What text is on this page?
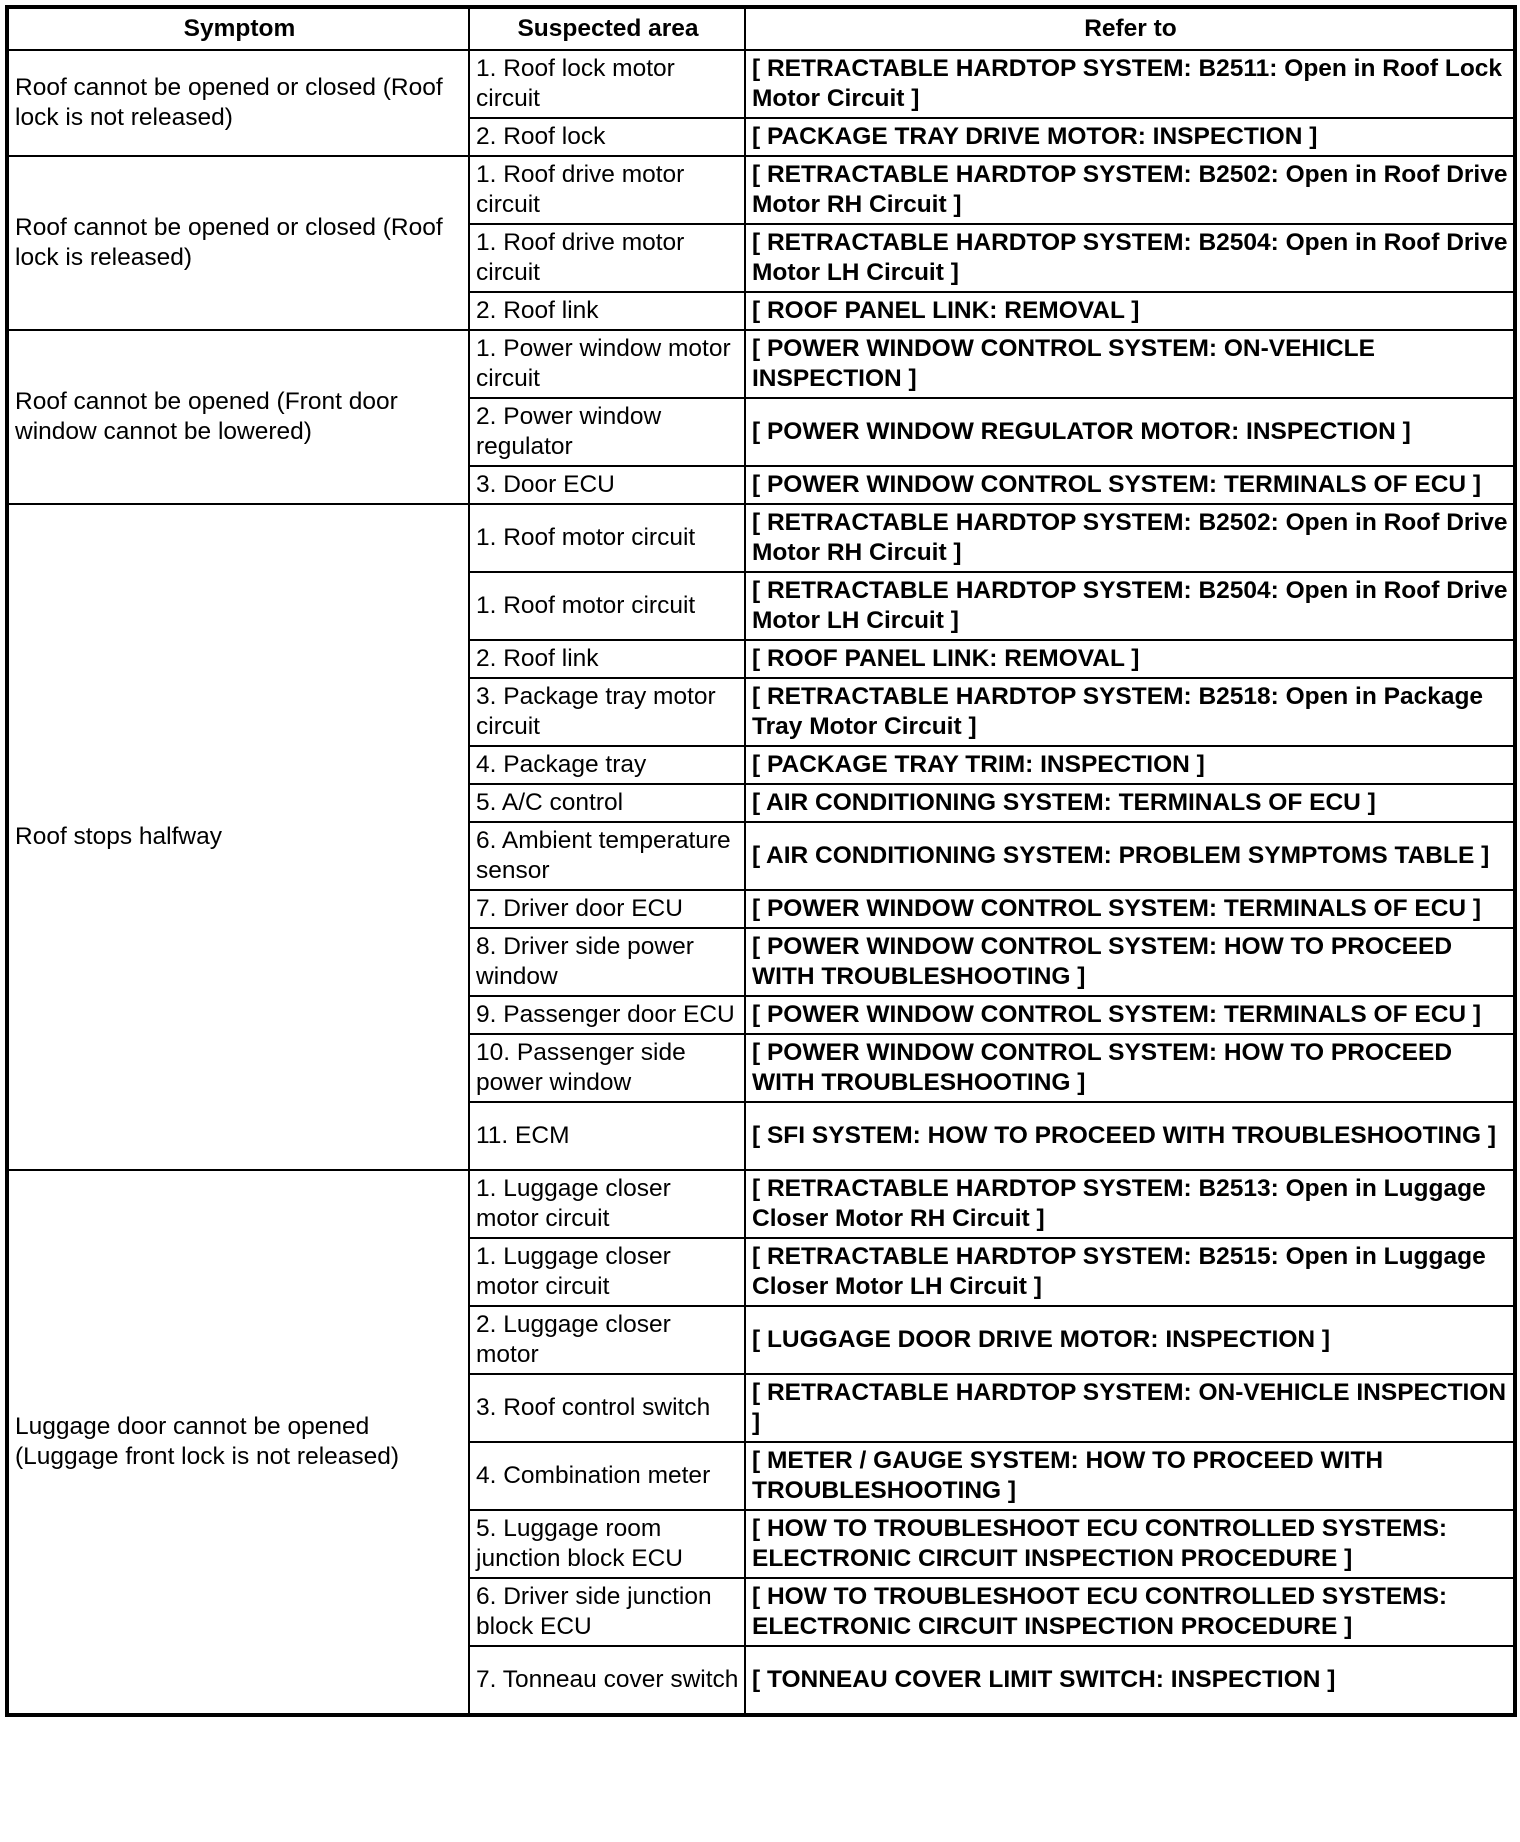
Symptom	Suspected area	Refer to
Roof cannot be opened or closed (Roof lock is not released)	1. Roof lock motor circuit	[ RETRACTABLE HARDTOP SYSTEM: B2511: Open in Roof Lock Motor Circuit ]
	2. Roof lock	[ PACKAGE TRAY DRIVE MOTOR: INSPECTION ]
Roof cannot be opened or closed (Roof lock is released)	1. Roof drive motor circuit	[ RETRACTABLE HARDTOP SYSTEM: B2502: Open in Roof Drive Motor RH Circuit ]
	1. Roof drive motor circuit	[ RETRACTABLE HARDTOP SYSTEM: B2504: Open in Roof Drive Motor LH Circuit ]
	2. Roof link	[ ROOF PANEL LINK: REMOVAL ]
Roof cannot be opened (Front door window cannot be lowered)	1. Power window motor circuit	[ POWER WINDOW CONTROL SYSTEM: ON-VEHICLE INSPECTION ]
	2. Power window regulator	[ POWER WINDOW REGULATOR MOTOR: INSPECTION ]
	3. Door ECU	[ POWER WINDOW CONTROL SYSTEM: TERMINALS OF ECU ]
Roof stops halfway	1. Roof motor circuit	[ RETRACTABLE HARDTOP SYSTEM: B2502: Open in Roof Drive Motor RH Circuit ]
	1. Roof motor circuit	[ RETRACTABLE HARDTOP SYSTEM: B2504: Open in Roof Drive Motor LH Circuit ]
	2. Roof link	[ ROOF PANEL LINK: REMOVAL ]
	3. Package tray motor circuit	[ RETRACTABLE HARDTOP SYSTEM: B2518: Open in Package Tray Motor Circuit ]
	4. Package tray	[ PACKAGE TRAY TRIM: INSPECTION ]
	5. A/C control	[ AIR CONDITIONING SYSTEM: TERMINALS OF ECU ]
	6. Ambient temperature sensor	[ AIR CONDITIONING SYSTEM: PROBLEM SYMPTOMS TABLE ]
	7. Driver door ECU	[ POWER WINDOW CONTROL SYSTEM: TERMINALS OF ECU ]
	8. Driver side power window	[ POWER WINDOW CONTROL SYSTEM: HOW TO PROCEED WITH TROUBLESHOOTING ]
	9. Passenger door ECU	[ POWER WINDOW CONTROL SYSTEM: TERMINALS OF ECU ]
	10. Passenger side power window	[ POWER WINDOW CONTROL SYSTEM: HOW TO PROCEED WITH TROUBLESHOOTING ]
	11. ECM	[ SFI SYSTEM: HOW TO PROCEED WITH TROUBLESHOOTING ]
Luggage door cannot be opened (Luggage front lock is not released)	1. Luggage closer motor circuit	[ RETRACTABLE HARDTOP SYSTEM: B2513: Open in Luggage Closer Motor RH Circuit ]
	1. Luggage closer motor circuit	[ RETRACTABLE HARDTOP SYSTEM: B2515: Open in Luggage Closer Motor LH Circuit ]
	2. Luggage closer motor	[ LUGGAGE DOOR DRIVE MOTOR: INSPECTION ]
	3. Roof control switch	[ RETRACTABLE HARDTOP SYSTEM: ON-VEHICLE INSPECTION ]
	4. Combination meter	[ METER / GAUGE SYSTEM: HOW TO PROCEED WITH TROUBLESHOOTING ]
	5. Luggage room junction block ECU	[ HOW TO TROUBLESHOOT ECU CONTROLLED SYSTEMS: ELECTRONIC CIRCUIT INSPECTION PROCEDURE ]
	6. Driver side junction block ECU	[ HOW TO TROUBLESHOOT ECU CONTROLLED SYSTEMS: ELECTRONIC CIRCUIT INSPECTION PROCEDURE ]
	7. Tonneau cover switch	[ TONNEAU COVER LIMIT SWITCH: INSPECTION ]
